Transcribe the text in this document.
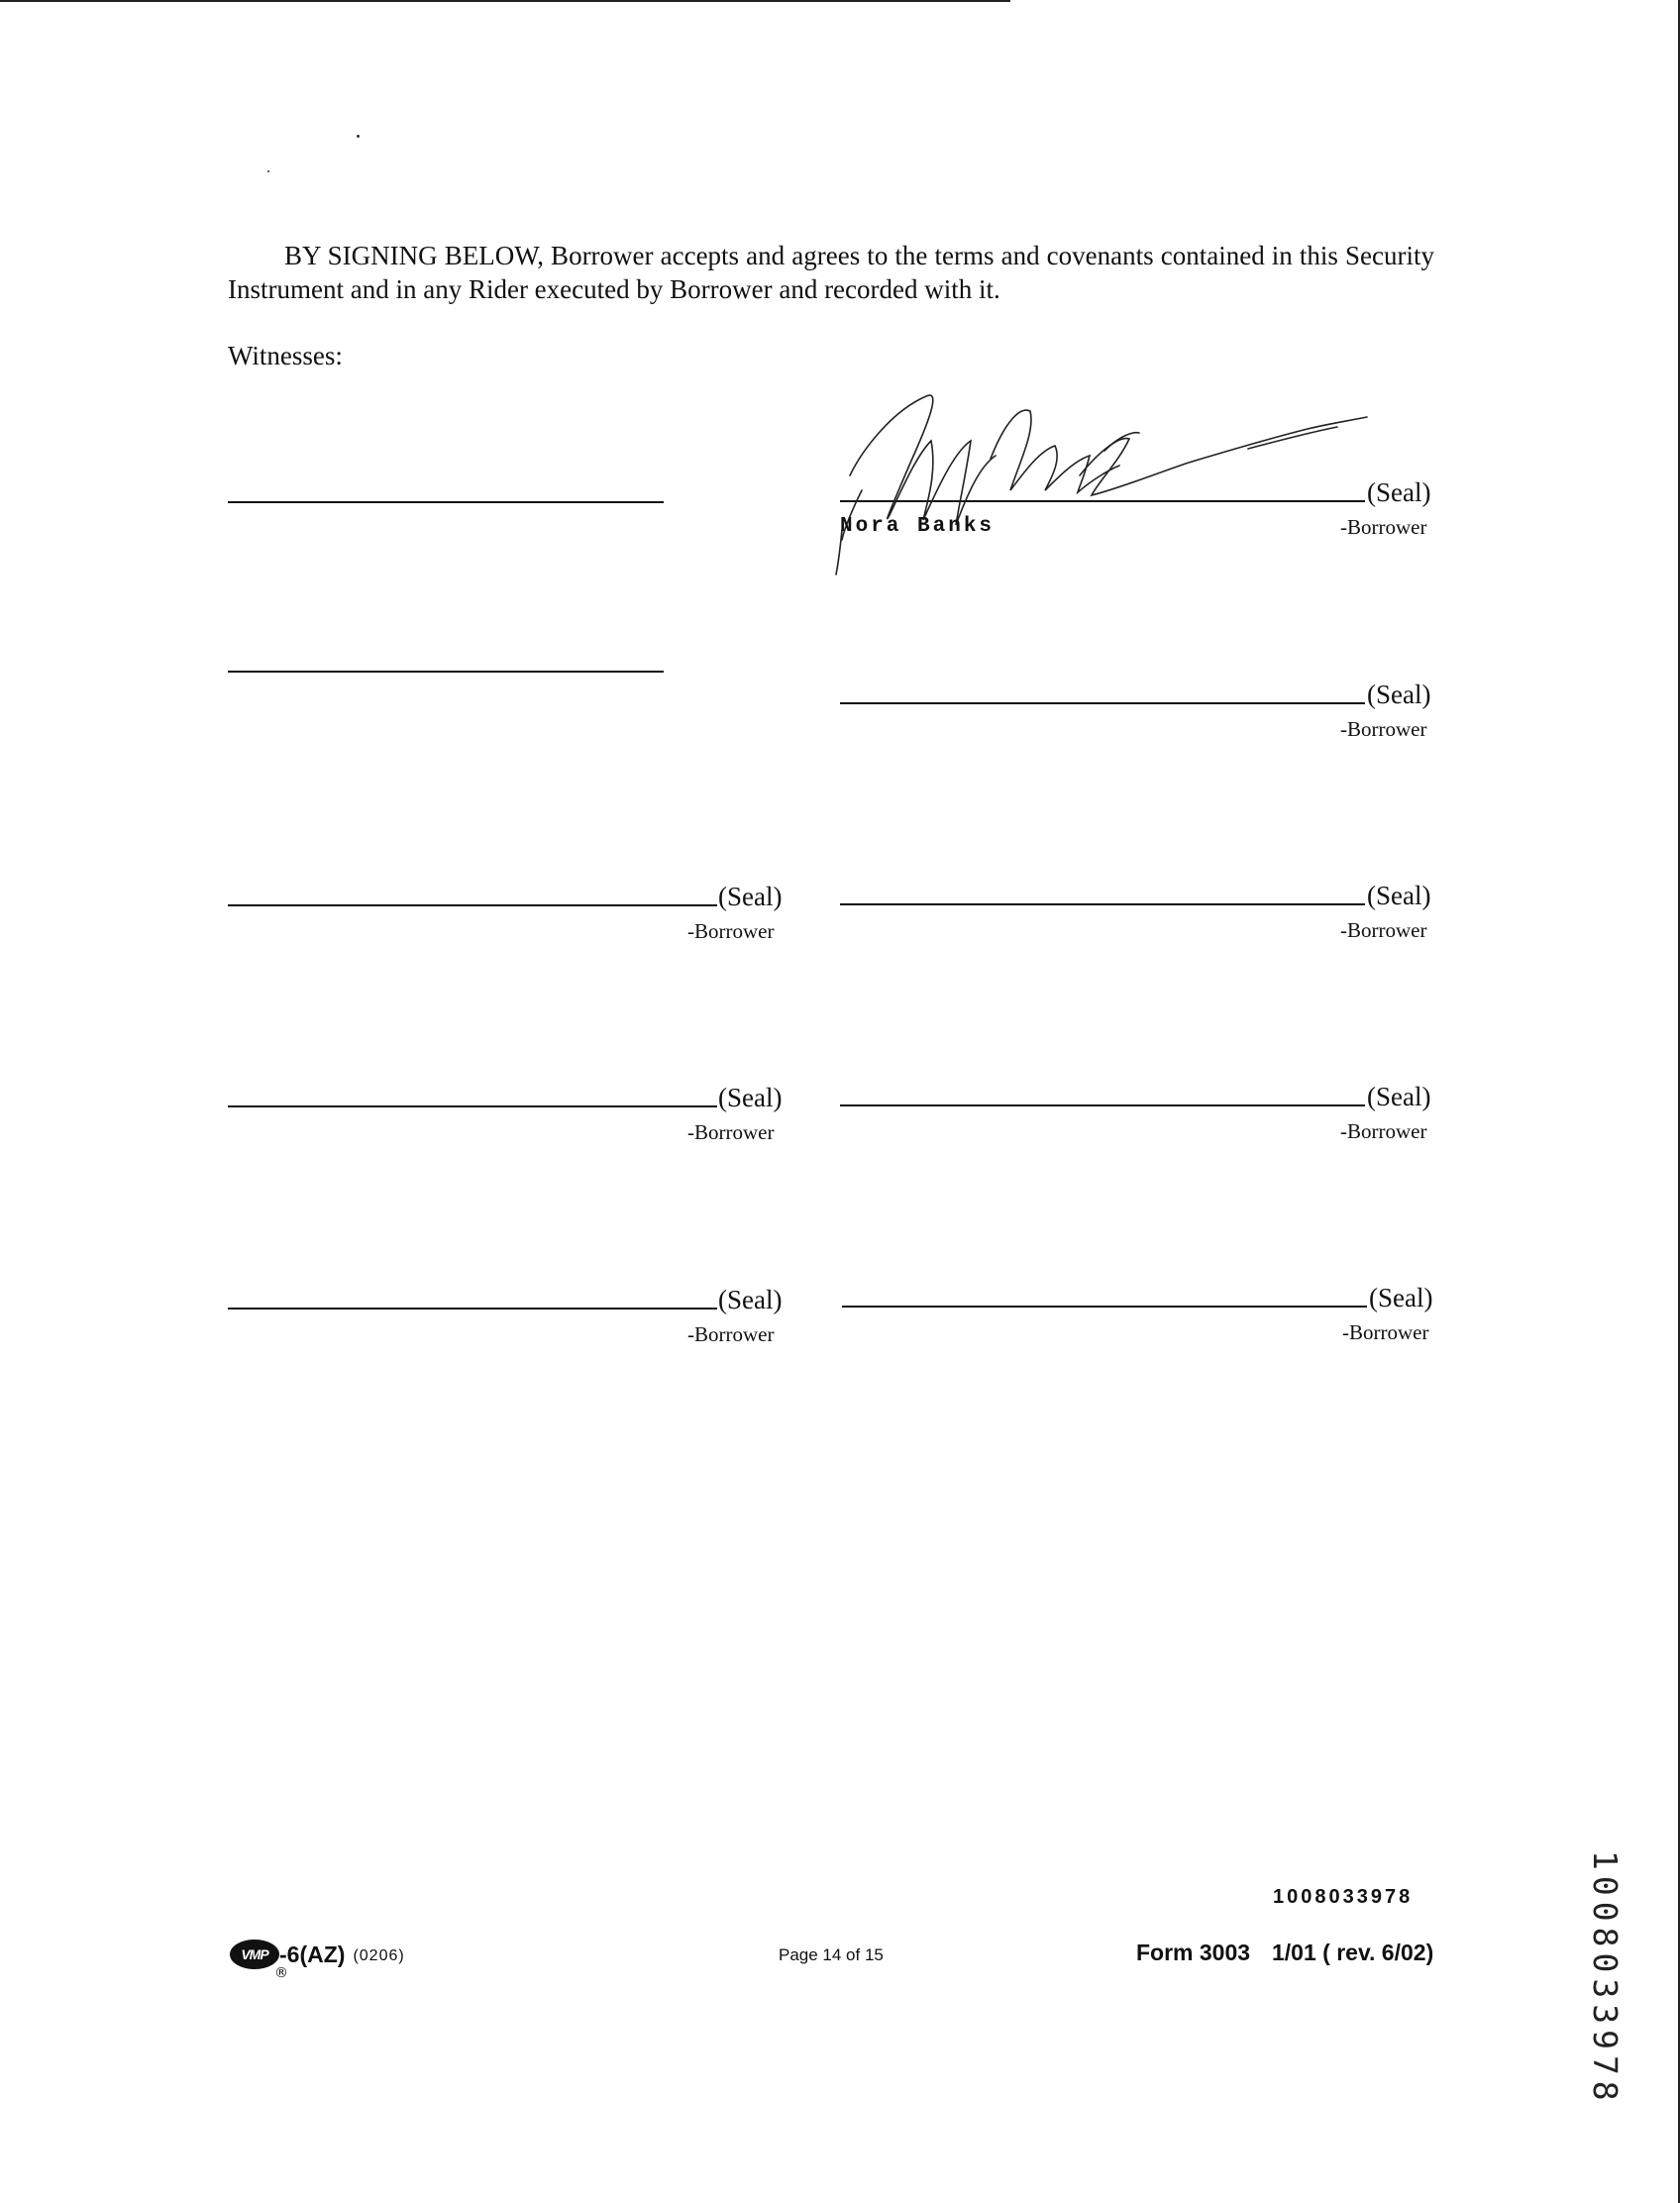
BY SIGNING BELOW, Borrower accepts and agrees to the terms and covenants contained in this Security Instrument and in any Rider executed by Borrower and recorded with it.
Witnesses:
(Seal)
-Borrower
Nora Banks
(Seal)
-Borrower
(Seal)
-Borrower
(Seal)
-Borrower
(Seal)
-Borrower
(Seal)
-Borrower
(Seal)
-Borrower
(Seal)
-Borrower
1008033978
VMP -6(AZ) (0206)
®
Page 14 of 15	Form 3003 1/01 ( rev. 6/02)	1008033978
